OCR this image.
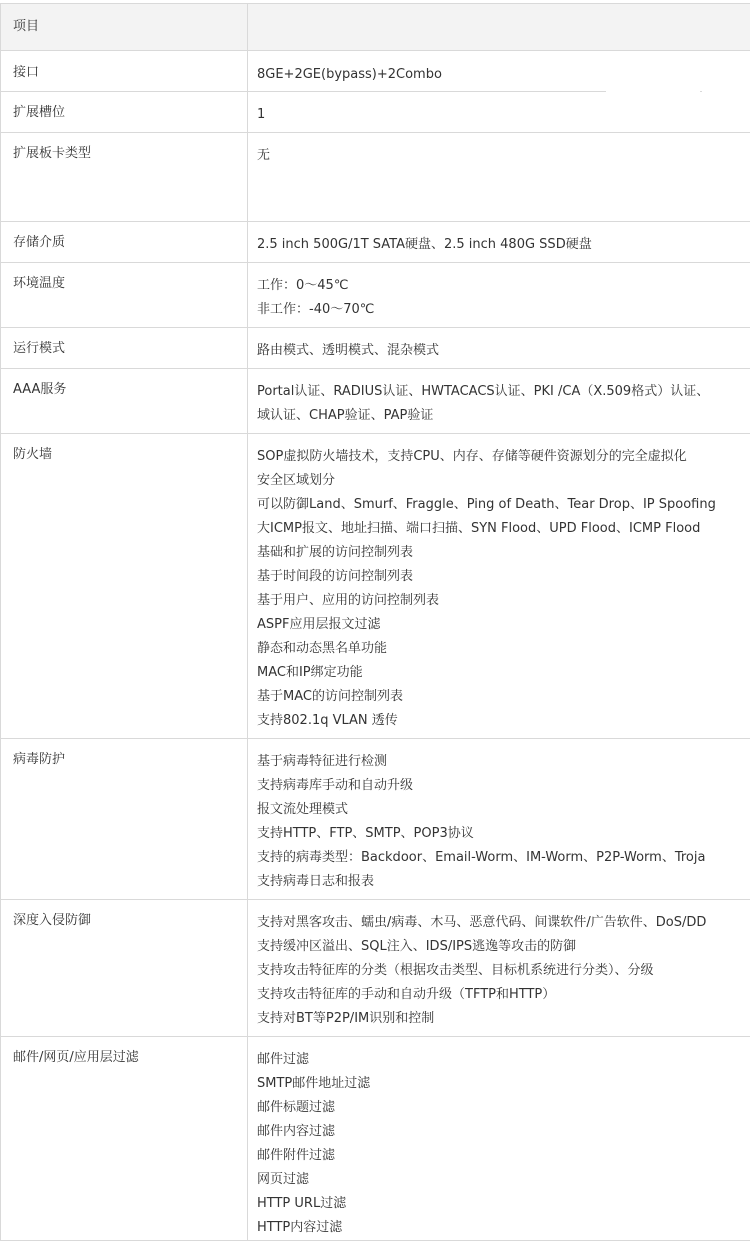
项目
接口	8GE+2GE(bypass)+2Combo
扩展槽位	1
扩展板卡类型	无
存储介质	2.5 inch 500G/1T SATA硬盘、2.5 inch 480G SSD硬盘
环境温度	工作：0～45℃
非工作：-40～70℃
运行模式	路由模式、透明模式、混杂模式
AAA服务	Portal认证、RADIUS认证、HWTACACS认证、PKI /CA（X.509格式）认证、
域认证、CHAP验证、PAP验证
防火墙	SOP虚拟防火墙技术，支持CPU、内存、存储等硬件资源划分的完全虚拟化
安全区域划分
可以防御Land、Smurf、Fraggle、Ping of Death、Tear Drop、IP Spoofing
大ICMP报文、地址扫描、端口扫描、SYN Flood、UPD Flood、ICMP Flood
基础和扩展的访问控制列表
基于时间段的访问控制列表
基于用户、应用的访问控制列表
ASPF应用层报文过滤
静态和动态黑名单功能
MAC和IP绑定功能
基于MAC的访问控制列表
支持802.1q VLAN 透传
病毒防护	基于病毒特征进行检测
支持病毒库手动和自动升级
报文流处理模式
支持HTTP、FTP、SMTP、POP3协议
支持的病毒类型：Backdoor、Email-Worm、IM-Worm、P2P-Worm、Troja
支持病毒日志和报表
深度入侵防御	支持对黑客攻击、蠕虫/病毒、木马、恶意代码、间谍软件/广告软件、DoS/DD
支持缓冲区溢出、SQL注入、IDS/IPS逃逸等攻击的防御
支持攻击特征库的分类（根据攻击类型、目标机系统进行分类）、分级
支持攻击特征库的手动和自动升级（TFTP和HTTP）
支持对BT等P2P/IM识别和控制
邮件/网页/应用层过滤	邮件过滤
SMTP邮件地址过滤
邮件标题过滤
邮件内容过滤
邮件附件过滤
网页过滤
HTTP URL过滤
HTTP内容过滤
